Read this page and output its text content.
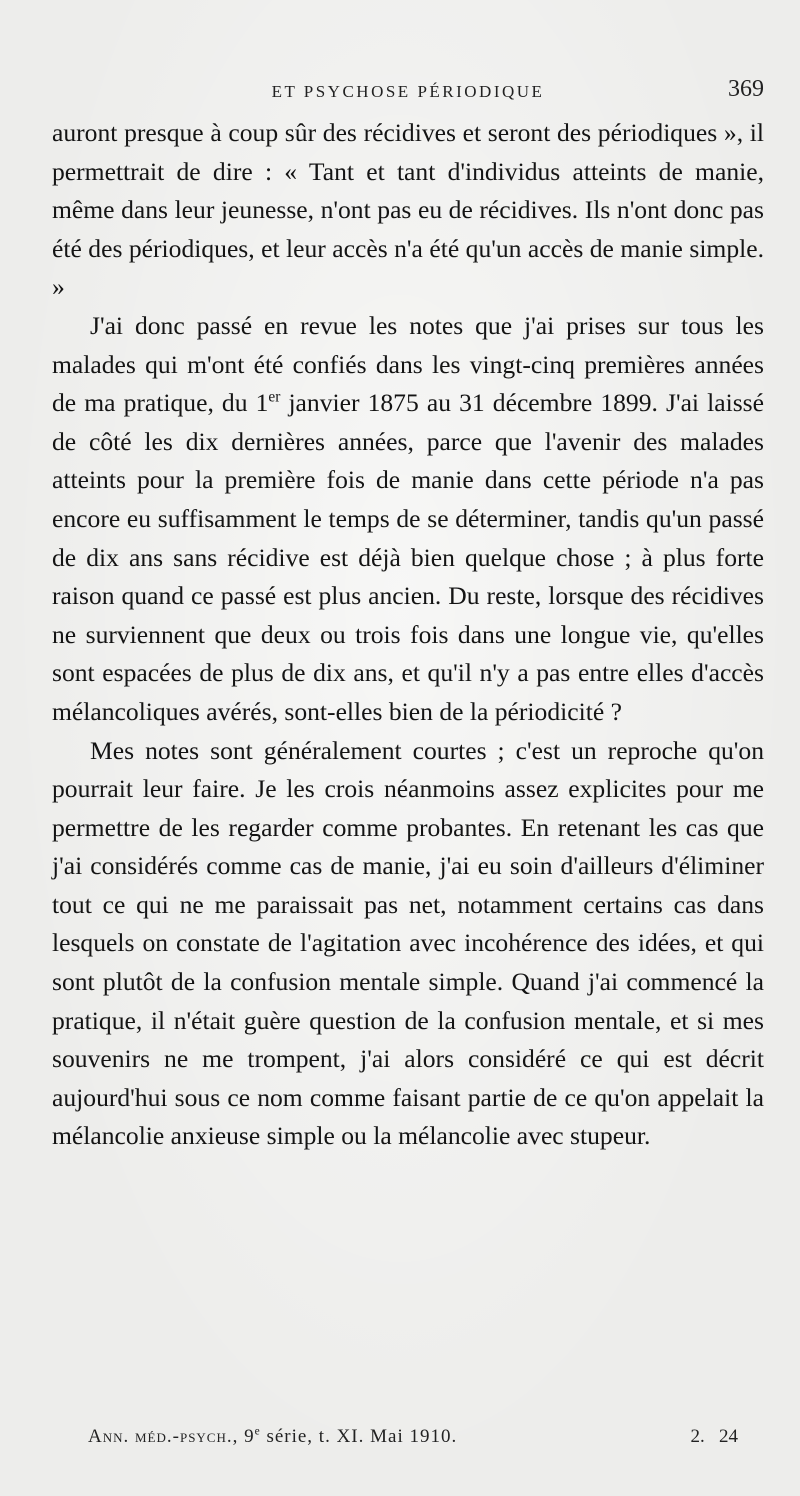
ET PSYCHOSE PÉRIODIQUE	369

auront presque à coup sûr des récidives et seront des périodiques », il permettrait de dire : « Tant et tant d'individus atteints de manie, même dans leur jeunesse, n'ont pas eu de récidives. Ils n'ont donc pas été des périodiques, et leur accès n'a été qu'un accès de manie simple. »

J'ai donc passé en revue les notes que j'ai prises sur tous les malades qui m'ont été confiés dans les vingt-cinq premières années de ma pratique, du 1er janvier 1875 au 31 décembre 1899. J'ai laissé de côté les dix dernières années, parce que l'avenir des malades atteints pour la première fois de manie dans cette période n'a pas encore eu suffisamment le temps de se déterminer, tandis qu'un passé de dix ans sans récidive est déjà bien quelque chose ; à plus forte raison quand ce passé est plus ancien. Du reste, lorsque des récidives ne surviennent que deux ou trois fois dans une longue vie, qu'elles sont espacées de plus de dix ans, et qu'il n'y a pas entre elles d'accès mélancoliques avérés, sont-elles bien de la périodicité ?

Mes notes sont généralement courtes ; c'est un reproche qu'on pourrait leur faire. Je les crois néanmoins assez explicites pour me permettre de les regarder comme probantes. En retenant les cas que j'ai considérés comme cas de manie, j'ai eu soin d'ailleurs d'éliminer tout ce qui ne me paraissait pas net, notamment certains cas dans lesquels on constate de l'agitation avec incohérence des idées, et qui sont plutôt de la confusion mentale simple. Quand j'ai commencé la pratique, il n'était guère question de la confusion mentale, et si mes souvenirs ne me trompent, j'ai alors considéré ce qui est décrit aujourd'hui sous ce nom comme faisant partie de ce qu'on appelait la mélancolie anxieuse simple ou la mélancolie avec stupeur.

Ann. méd.-psych., 9e série, t. XI. Mai 1910.	2.   24
